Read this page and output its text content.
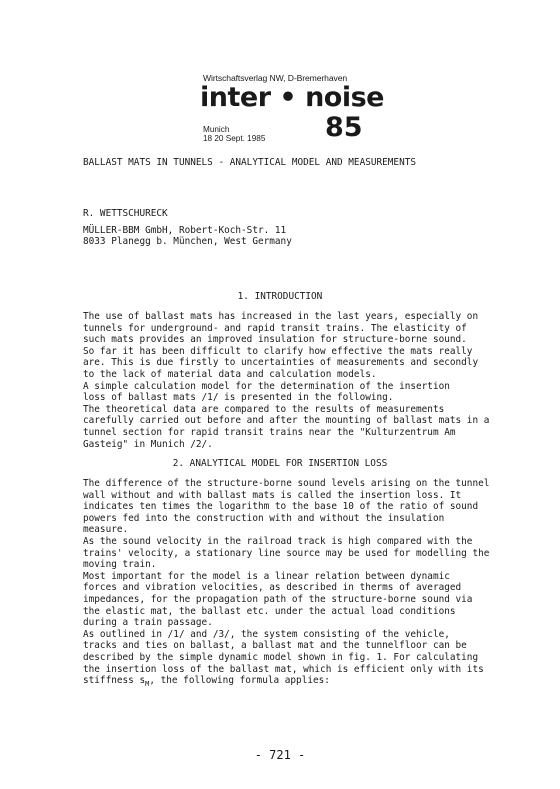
Wirtschaftsverlag NW, D-Bremerhaven
inter • noise
Munich
18 20 Sept. 1985 85
BALLAST MATS IN TUNNELS - ANALYTICAL MODEL AND MEASUREMENTS
R. WETTSCHURECK
MÜLLER-BBM GmbH, Robert-Koch-Str. 11
8033 Planegg b. München, West Germany
1. INTRODUCTION
The use of ballast mats has increased in the last years, especially on
tunnels for underground- and rapid transit trains. The elasticity of
such mats provides an improved insulation for structure-borne sound.
So far it has been difficult to clarify how effective the mats really
are. This is due firstly to uncertainties of measurements and secondly
to the lack of material data and calculation models.
A simple calculation model for the determination of the insertion
loss of ballast mats /1/ is presented in the following.
The theoretical data are compared to the results of measurements
carefully carried out before and after the mounting of ballast mats in a
tunnel section for rapid transit trains near the "Kulturzentrum Am
Gasteig" in Munich /2/.
2. ANALYTICAL MODEL FOR INSERTION LOSS
The difference of the structure-borne sound levels arising on the tunnel
wall without and with ballast mats is called the insertion loss. It
indicates ten times the logarithm to the base 10 of the ratio of sound
powers fed into the construction with and without the insulation
measure.
As the sound velocity in the railroad track is high compared with the
trains' velocity, a stationary line source may be used for modelling the
moving train.
Most important for the model is a linear relation between dynamic
forces and vibration velocities, as described in therms of averaged
impedances, for the propagation path of the structure-borne sound via
the elastic mat, the ballast etc. under the actual load conditions
during a train passage.
As outlined in /1/ and /3/, the system consisting of the vehicle,
tracks and ties on ballast, a ballast mat and the tunnelfloor can be
described by the simple dynamic model shown in fig. 1. For calculating
the insertion loss of the ballast mat, which is efficient only with its
stiffness $s_M$, the following formula applies:
- 721 -
